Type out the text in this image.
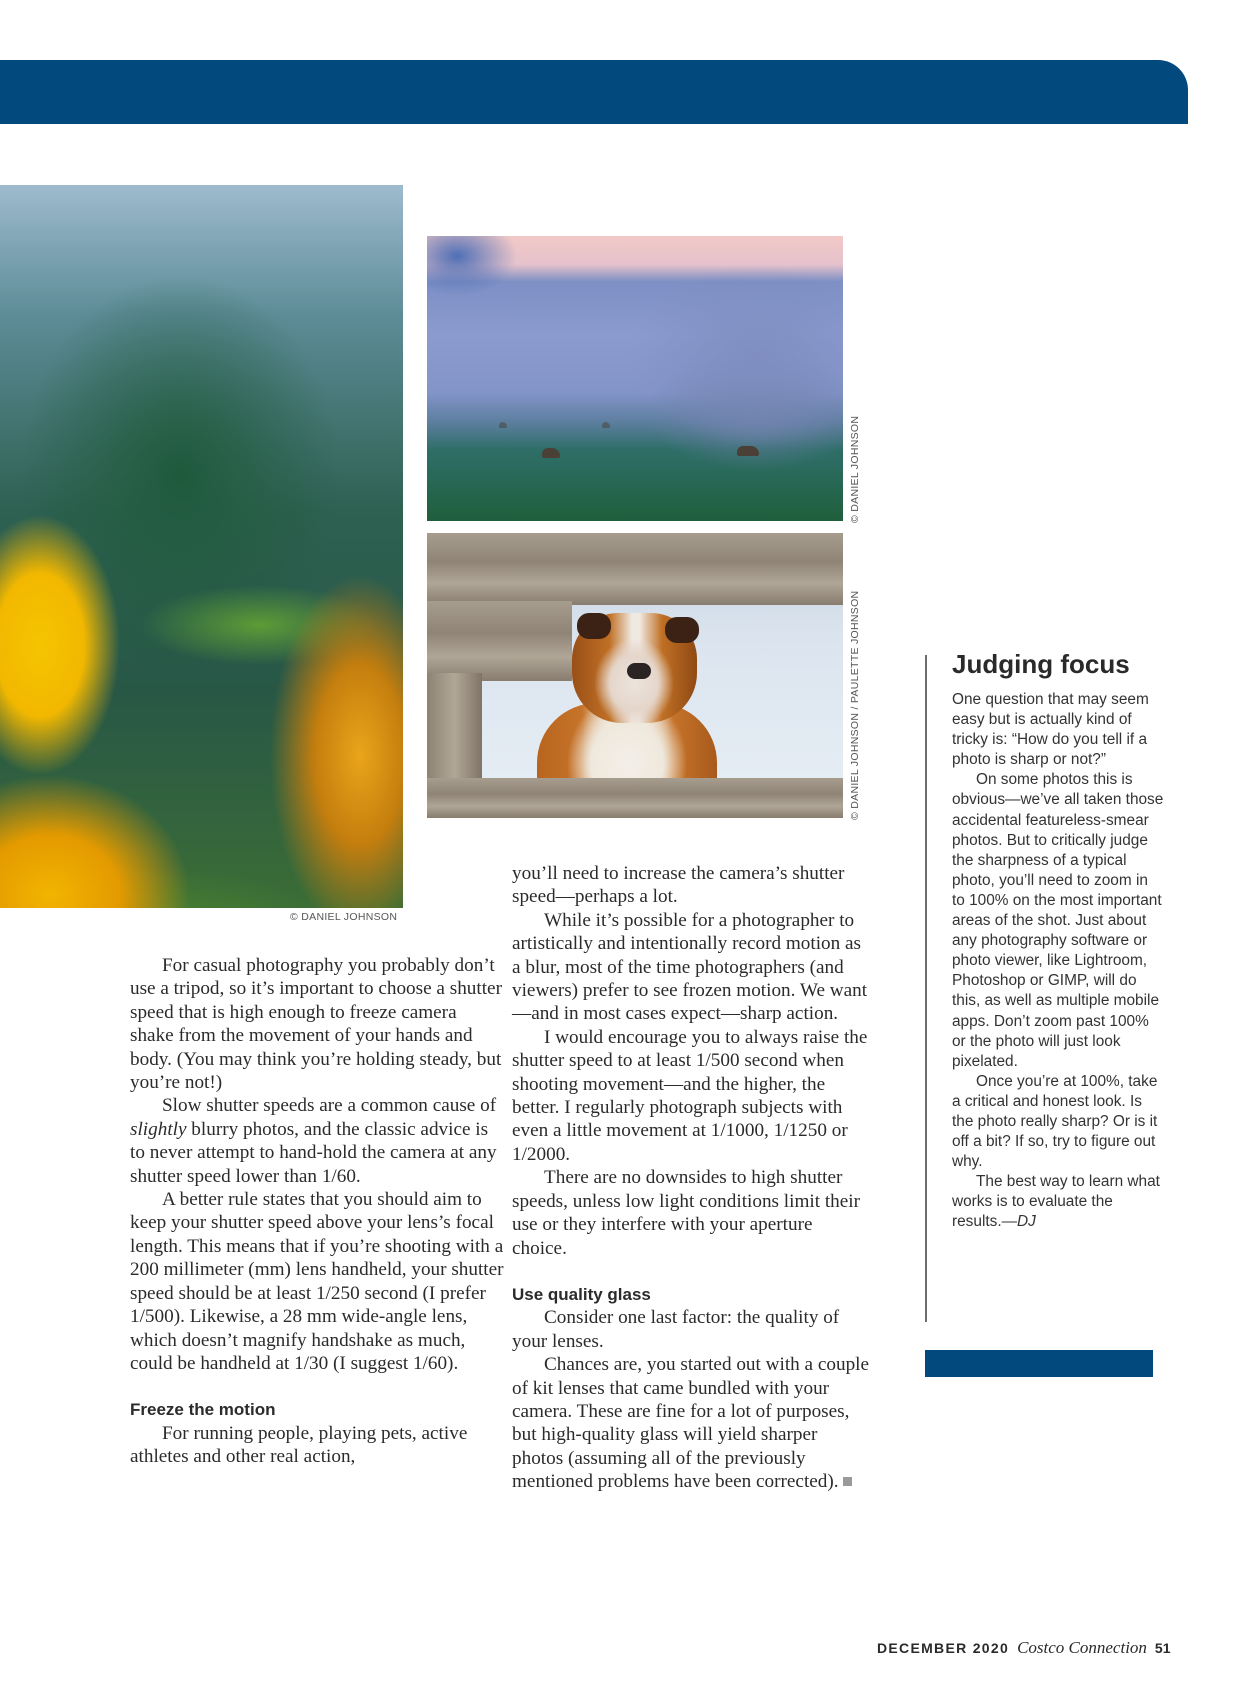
© DANIEL JOHNSON
© DANIEL JOHNSON
© DANIEL JOHNSON / PAULETTE JOHNSON

For casual photography you probably don’t use a tripod, so it’s important to choose a shutter speed that is high enough to freeze camera shake from the movement of your hands and body. (You may think you’re holding steady, but you’re not!)

Slow shutter speeds are a common cause of slightly blurry photos, and the classic advice is to never attempt to hand-hold the camera at any shutter speed lower than 1/60.

A better rule states that you should aim to keep your shutter speed above your lens’s focal length. This means that if you’re shooting with a 200 millimeter (mm) lens handheld, your shutter speed should be at least 1/250 second (I prefer 1/500). Likewise, a 28 mm wide-angle lens, which doesn’t magnify handshake as much, could be handheld at 1/30 (I suggest 1/60).

Freeze the motion

For running people, playing pets, active athletes and other real action,

you’ll need to increase the camera’s shutter speed—perhaps a lot.

While it’s possible for a photographer to artistically and intentionally record motion as a blur, most of the time photographers (and viewers) prefer to see frozen motion. We want—and in most cases expect—sharp action.

I would encourage you to always raise the shutter speed to at least 1/500 second when shooting movement—and the higher, the better. I regularly photograph subjects with even a little movement at 1/1000, 1/1250 or 1/2000.

There are no downsides to high shutter speeds, unless low light conditions limit their use or they interfere with your aperture choice.

Use quality glass

Consider one last factor: the quality of your lenses.

Chances are, you started out with a couple of kit lenses that came bundled with your camera. These are fine for a lot of purposes, but high-quality glass will yield sharper photos (assuming all of the previously mentioned problems have been corrected).

Judging focus

One question that may seem easy but is actually kind of tricky is: “How do you tell if a photo is sharp or not?”

On some photos this is obvious—we’ve all taken those accidental featureless-smear photos. But to critically judge the sharpness of a typical photo, you’ll need to zoom in to 100% on the most important areas of the shot. Just about any photography software or photo viewer, like Lightroom, Photoshop or GIMP, will do this, as well as multiple mobile apps. Don’t zoom past 100% or the photo will just look pixelated.

Once you’re at 100%, take a critical and honest look. Is the photo really sharp? Or is it off a bit? If so, try to figure out why.

The best way to learn what works is to evaluate the results.—DJ

DECEMBER 2020 Costco Connection 51
